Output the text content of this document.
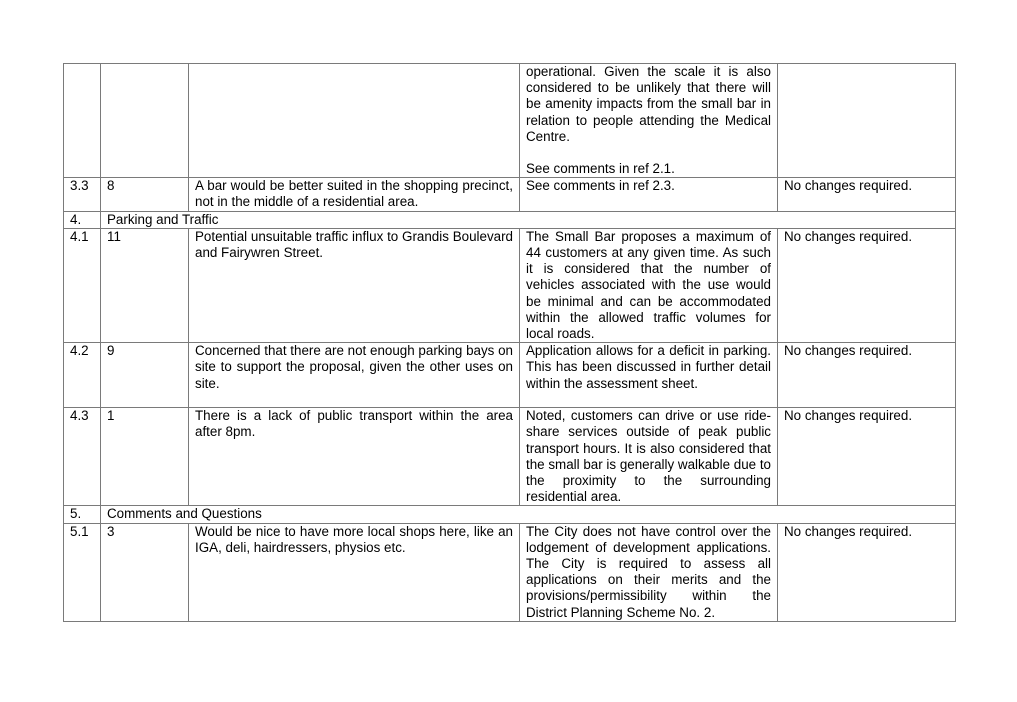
			operational. Given the scale it is also considered to be unlikely that there will be amenity impacts from the small bar in relation to people attending the Medical Centre.
See comments in ref 2.1.	

3.3	8	A bar would be better suited in the shopping precinct, not in the middle of a residential area.	See comments in ref 2.3.	No changes required.
4.	Parking and Traffic			
4.1	11	Potential unsuitable traffic influx to Grandis Boulevard and Fairywren Street.	The Small Bar proposes a maximum of 44 customers at any given time. As such it is considered that the number of vehicles associated with the use would be minimal and can be accommodated within the allowed traffic volumes for local roads.	No changes required.
4.2	9	Concerned that there are not enough parking bays on site to support the proposal, given the other uses on site.	Application allows for a deficit in parking. This has been discussed in further detail within the assessment sheet.	No changes required.
4.3	1	There is a lack of public transport within the area after 8pm.	Noted, customers can drive or use ride-share services outside of peak public transport hours. It is also considered that the small bar is generally walkable due to the proximity to the surrounding residential area.	No changes required.
5.	Comments and Questions			
5.1	3	Would be nice to have more local shops here, like an IGA, deli, hairdressers, physios etc.	The City does not have control over the lodgement of development applications. The City is required to assess all applications on their merits and the provisions/permissibility within the District Planning Scheme No. 2.	No changes required.
